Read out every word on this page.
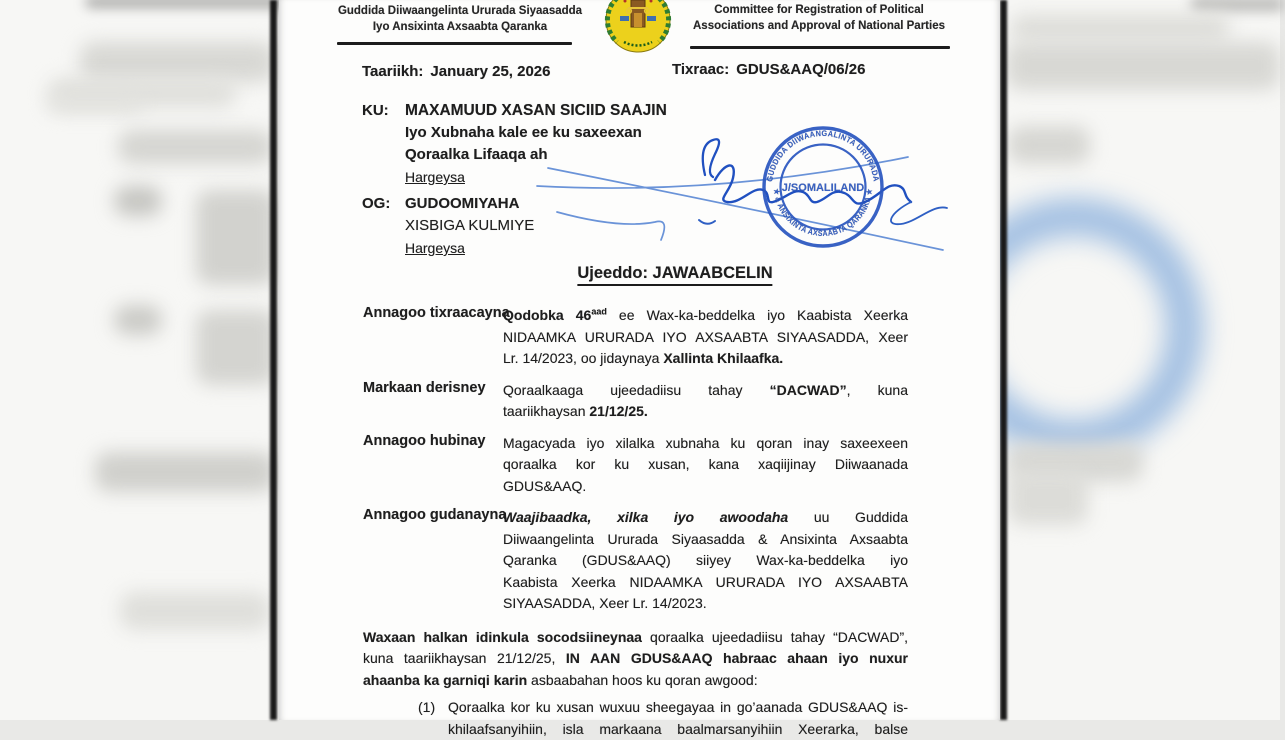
Guddida Diiwaangelinta Ururada Siyaasadda
Iyo Ansixinta Axsaabta Qaranka
Committee for Registration of Political
Associations and Approval of National Parties
Taariikh: January 25, 2026	Tixraac: GDUS&AAQ/06/26
KU: MAXAMUUD XASAN SICIID SAAJIN
Iyo Xubnaha kale ee ku saxeexan
Qoraalka Lifaaqa ah
Hargeysa
OG: GUDOOMIYAHA
XISBIGA KULMIYE
Hargeysa
GUDDIDA DIIWAANGALINTA URURADA
★ & ANSIXINTA AXSAABTA QARANKA ★
J/SOMALILAND
Ujeeddo: JAWAABCELIN
Annagoo tixraacayna
Qodobka $46^{aad}$ ee Wax-ka-beddelka iyo Kaabista Xeerka
NIDAAMKA URURADA IYO AXSAABTA SIYAASADDA, Xeer
Lr. 14/2023, oo jidaynaya Xallinta Khilaafka.
Markaan derisney Qoraalkaaga ujeedadiisu tahay “DACWAD”, kuna
taariikhaysan 21/12/25.
Annagoo hubinay Magacyada iyo xilalka xubnaha ku qoran inay saxeexeen
qoraalka kor ku xusan, kana xaqiijinay Diiwaanada
GDUS&AAQ.
Annagoo gudanayna
Waajibaadka, xilka iyo awoodaha uu Guddida
Diiwaangelinta Ururada Siyaasadda & Ansixinta Axsaabta
Qaranka (GDUS&AAQ) siiyey Wax-ka-beddelka iyo
Kaabista Xeerka NIDAAMKA URURADA IYO AXSAABTA
SIYAASADDA, Xeer Lr. 14/2023.
Waxaan halkan idinkula socodsiineynaa qoraalka ujeedadiisu tahay “DACWAD”,
kuna taariikhaysan 21/12/25, IN AAN GDUS&AAQ habraac ahaan iyo nuxur
ahaanba ka garniqi karin asbaabahan hoos ku qoran awgood:
(1) Qoraalka kor ku xusan wuxuu sheegayaa in go’aanada GDUS&AAQ is-
khilaafsanyihiin, isla markaana baalmarsanyihiin Xeerarka, balse
